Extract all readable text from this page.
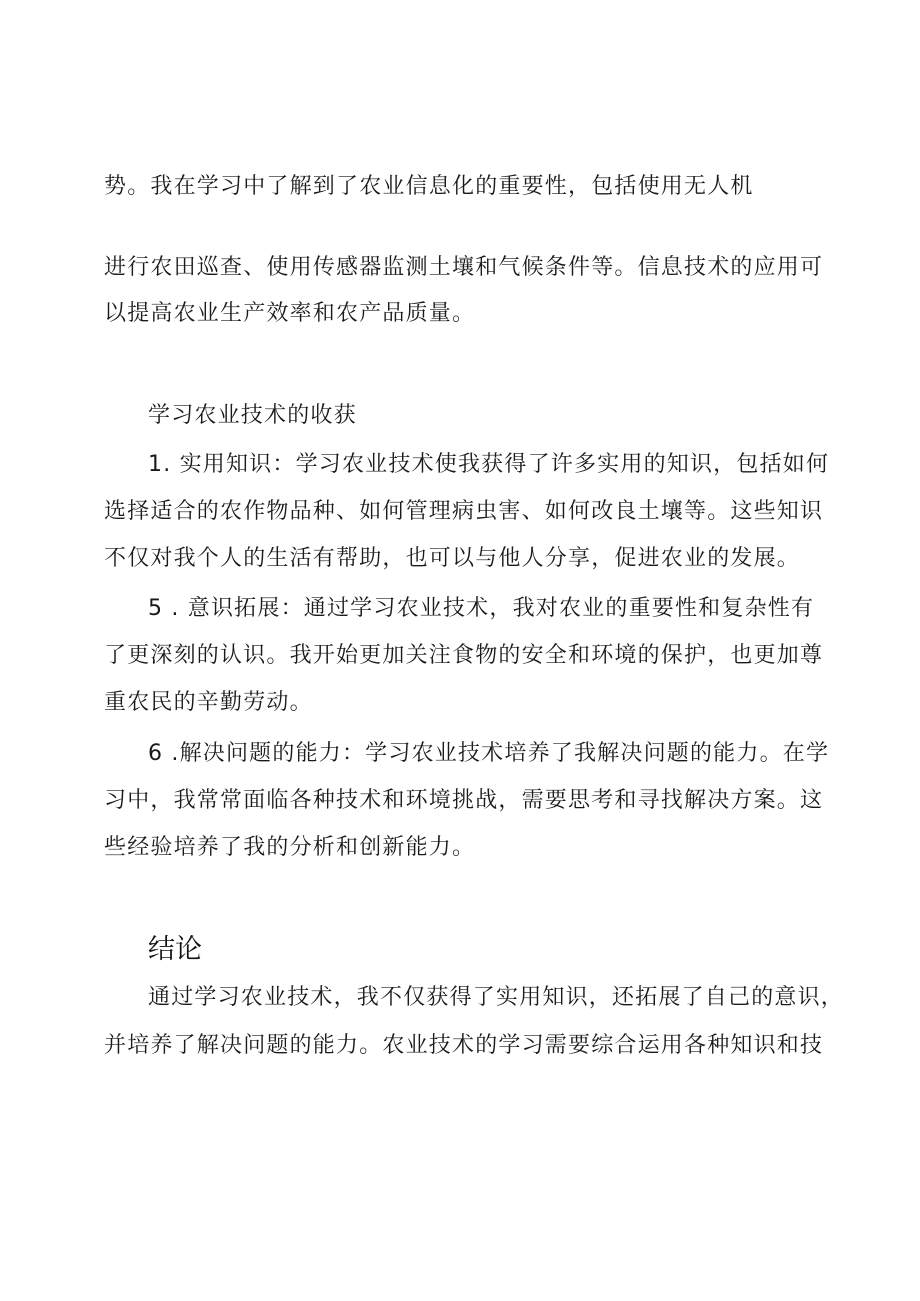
势。我在学习中了解到了农业信息化的重要性，包括使用无人机
进行农田巡查、使用传感器监测土壤和气候条件等。信息技术的应用可
以提高农业生产效率和农产品质量。
学习农业技术的收获
1. 实用知识：学习农业技术使我获得了许多实用的知识，包括如何
选择适合的农作物品种、如何管理病虫害、如何改良土壤等。这些知识
不仅对我个人的生活有帮助，也可以与他人分享，促进农业的发展。
5 . 意识拓展：通过学习农业技术，我对农业的重要性和复杂性有
了更深刻的认识。我开始更加关注食物的安全和环境的保护，也更加尊
重农民的辛勤劳动。
6 .解决问题的能力：学习农业技术培养了我解决问题的能力。在学
习中，我常常面临各种技术和环境挑战，需要思考和寻找解决方案。这
些经验培养了我的分析和创新能力。
结论
通过学习农业技术，我不仅获得了实用知识，还拓展了自己的意识，
并培养了解决问题的能力。农业技术的学习需要综合运用各种知识和技
